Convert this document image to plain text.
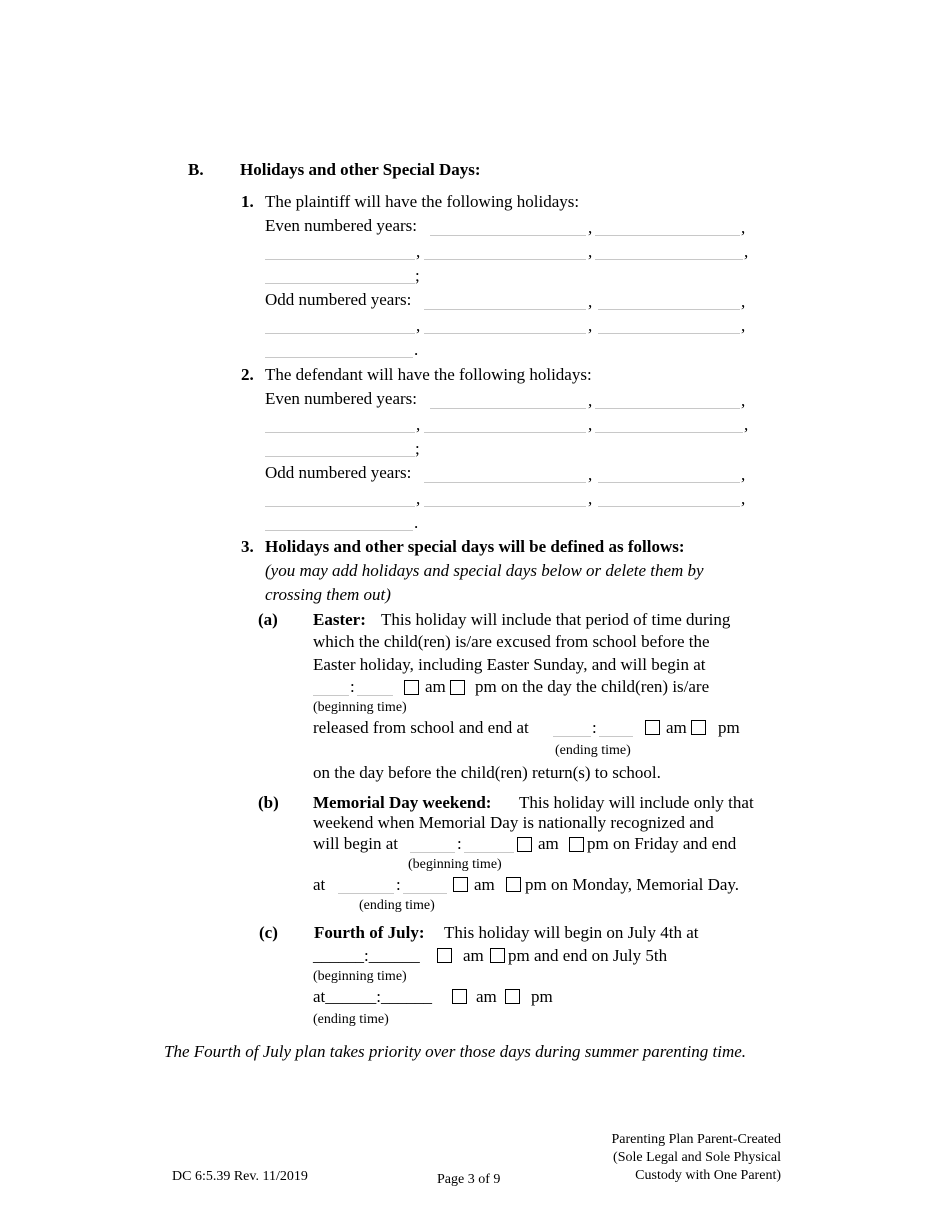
B. Holidays and other Special Days:
1. The plaintiff will have the following holidays:
Even numbered years:	,	,
,	,	,
;
Odd numbered years:	,	,
,	,	,
.
2. The defendant will have the following holidays:
Even numbered years:	,	,
,	,	,
;
Odd numbered years:	,	,
,	,	,
.
3. Holidays and other special days will be defined as follows:
(you may add holidays and special days below or delete them by
crossing them out)
(a) Easter: This holiday will include that period of time during
which the child(ren) is/are excused from school before the
Easter holiday, including Easter Sunday, and will begin at
:	am pm on the day the child(ren) is/are
(beginning time)
released from school and end at	:	am pm
(ending time)
on the day before the child(ren) return(s) to school.
(b) Memorial Day weekend: This holiday will include only that
weekend when Memorial Day is nationally recognized and
will begin at	:	am pm on Friday and end
(beginning time)
at	:	am pm on Monday, Memorial Day.
(ending time)
(c) Fourth of July: This holiday will begin on July 4th at
______:______	am pm and end on July 5th
(beginning time)
at______:______	am pm
(ending time)
The Fourth of July plan takes priority over those days during summer parenting time.
DC 6:5.39 Rev. 11/2019	Page 3 of 9
Parenting Plan Parent-Created
(Sole Legal and Sole Physical
Custody with One Parent)
